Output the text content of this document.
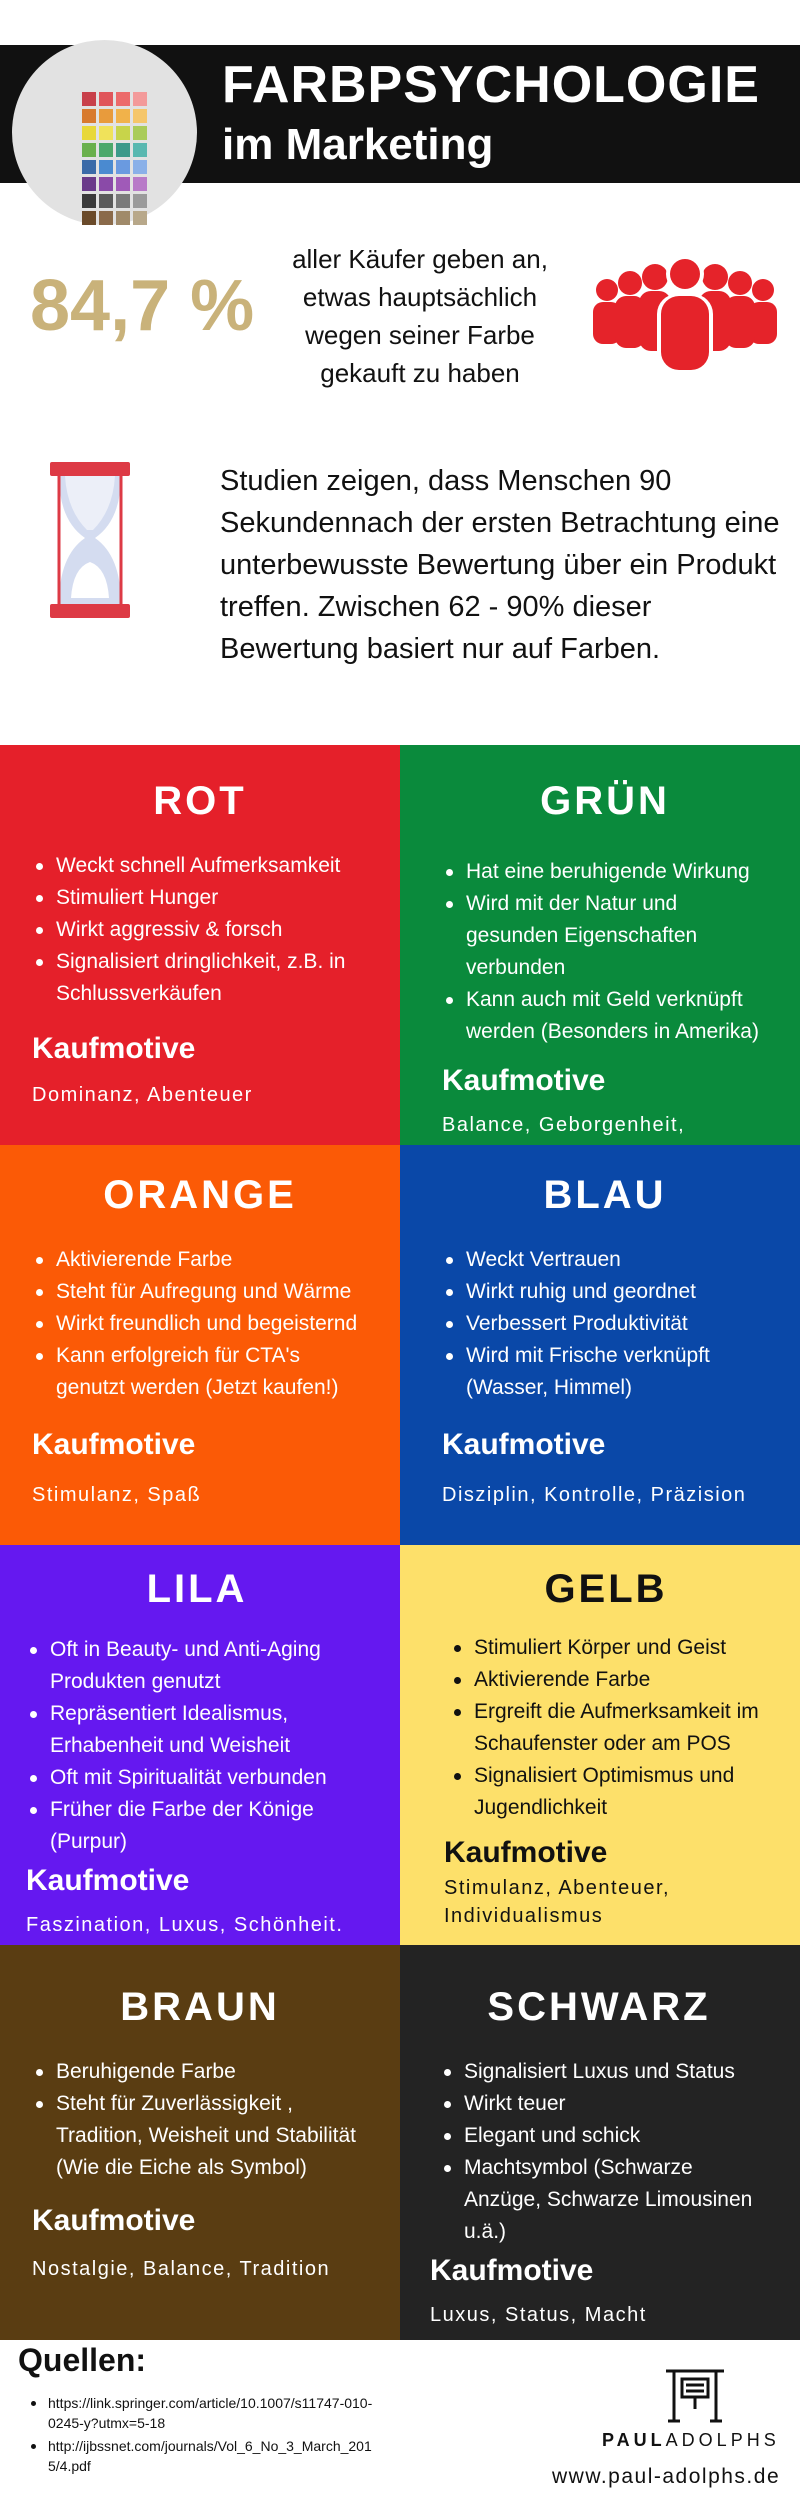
FARBPSYCHOLOGIE
im Marketing
84,7 %
aller Käufer geben an, etwas hauptsächlich wegen seiner Farbe gekauft zu haben
Studien zeigen, dass Menschen 90 Sekundennach der ersten Betrachtung eine unterbewusste Bewertung über ein Produkt treffen. Zwischen 62 - 90% dieser Bewertung basiert nur auf Farben.
ROT
Weckt schnell Aufmerksamkeit
Stimuliert Hunger
Wirkt aggressiv & forsch
Signalisiert dringlichkeit, z.B. in Schlussverkäufen
Kaufmotive
Dominanz, Abenteuer
GRÜN
Hat eine beruhigende Wirkung
Wird mit der Natur und gesunden Eigenschaften verbunden
Kann auch mit Geld verknüpft werden (Besonders in Amerika)
Kaufmotive
Balance, Geborgenheit,
ORANGE
Aktivierende Farbe
Steht für Aufregung und Wärme
Wirkt freundlich und begeisternd
Kann erfolgreich für CTA's genutzt werden (Jetzt kaufen!)
Kaufmotive
Stimulanz, Spaß
BLAU
Weckt Vertrauen
Wirkt ruhig und geordnet
Verbessert Produktivität
Wird mit Frische verknüpft (Wasser, Himmel)
Kaufmotive
Disziplin, Kontrolle, Präzision
LILA
Oft in Beauty- und Anti-Aging Produkten genutzt
Repräsentiert Idealismus, Erhabenheit und Weisheit
Oft mit Spiritualität verbunden
Früher die Farbe der Könige (Purpur)
Kaufmotive
Faszination, Luxus, Schönheit.
GELB
Stimuliert Körper und Geist
Aktivierende Farbe
Ergreift die Aufmerksamkeit im Schaufenster oder am POS
Signalisiert Optimismus und Jugendlichkeit
Kaufmotive
Stimulanz, Abenteuer, Individualismus
BRAUN
Beruhigende Farbe
Steht für Zuverlässigkeit , Tradition, Weisheit und Stabilität (Wie die Eiche als Symbol)
Kaufmotive
Nostalgie, Balance, Tradition
SCHWARZ
Signalisiert Luxus und Status
Wirkt teuer
Elegant und schick
Machtsymbol (Schwarze Anzüge, Schwarze Limousinen u.ä.)
Kaufmotive
Luxus, Status, Macht
Quellen:
https://link.springer.com/article/10.1007/s11747-010-0245-y?utmx=5-18
http://ijbssnet.com/journals/Vol_6_No_3_March_2015/4.pdf
PAULADOLPHS
www.paul-adolphs.de
